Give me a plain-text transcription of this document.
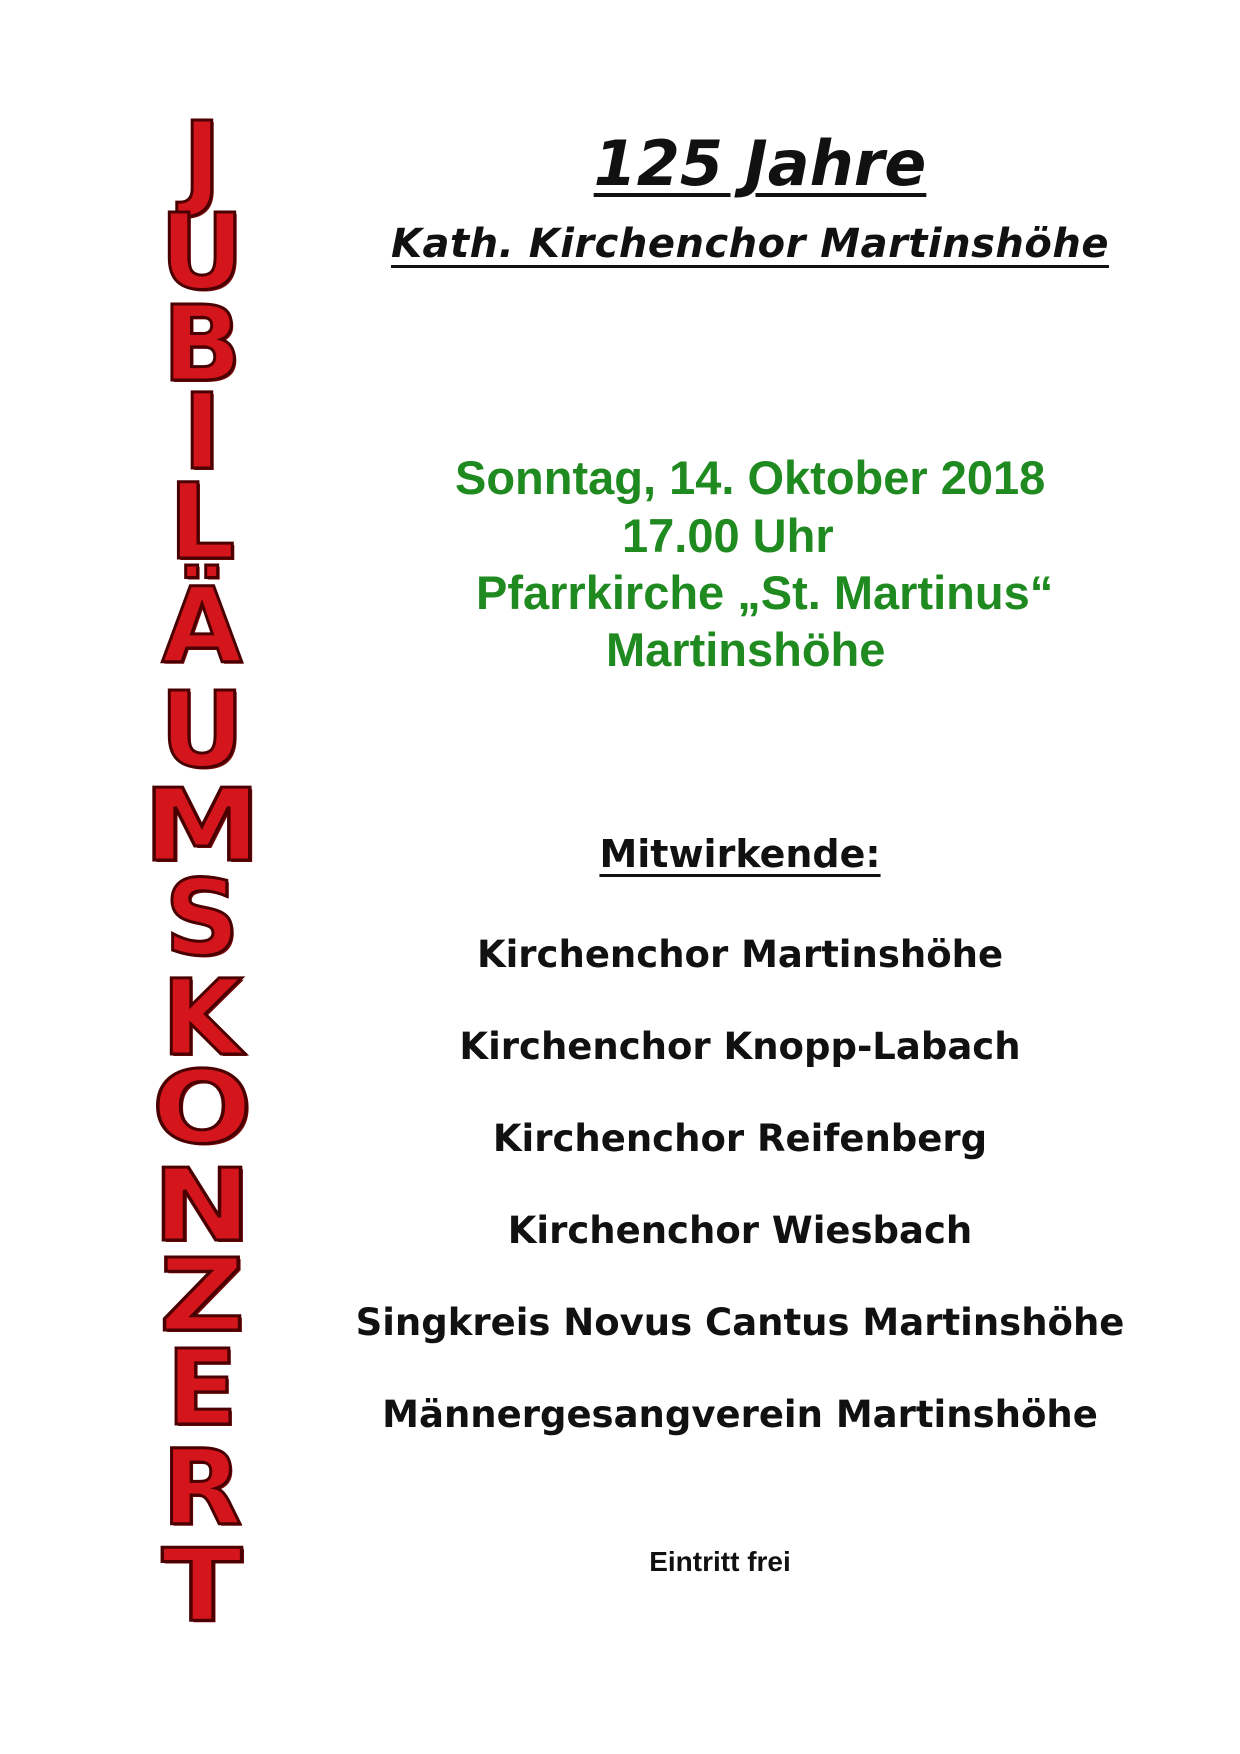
J
U
B
I
L
Ä
U
M
S
K
O
N
Z
E
R
T
125 Jahre
Kath. Kirchenchor Martinshöhe
Sonntag, 14. Oktober 2018
17.00 Uhr
Pfarrkirche „St. Martinus“
Martinshöhe
Mitwirkende:
Kirchenchor Martinshöhe
Kirchenchor Knopp-Labach
Kirchenchor Reifenberg
Kirchenchor Wiesbach
Singkreis Novus Cantus Martinshöhe
Männergesangverein Martinshöhe
Eintritt frei
